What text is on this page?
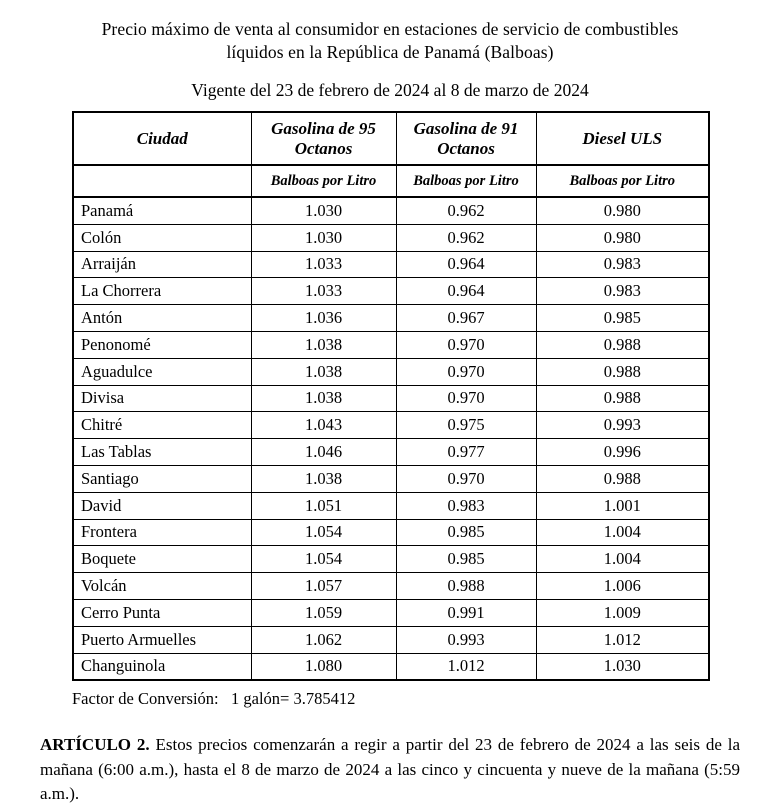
Precio máximo de venta al consumidor en estaciones de servicio de combustibles
líquidos en la República de Panamá (Balboas)
Vigente del 23 de febrero de 2024 al 8 de marzo de 2024
Ciudad	Gasolina de 95 Octanos	Gasolina de 91 Octanos	Diesel ULS
	Balboas por Litro	Balboas por Litro	Balboas por Litro
Panamá	1.030	0.962	0.980
Colón	1.030	0.962	0.980
Arraiján	1.033	0.964	0.983
La Chorrera	1.033	0.964	0.983
Antón	1.036	0.967	0.985
Penonomé	1.038	0.970	0.988
Aguadulce	1.038	0.970	0.988
Divisa	1.038	0.970	0.988
Chitré	1.043	0.975	0.993
Las Tablas	1.046	0.977	0.996
Santiago	1.038	0.970	0.988
David	1.051	0.983	1.001
Frontera	1.054	0.985	1.004
Boquete	1.054	0.985	1.004
Volcán	1.057	0.988	1.006
Cerro Punta	1.059	0.991	1.009
Puerto Armuelles	1.062	0.993	1.012
Changuinola	1.080	1.012	1.030
Factor de Conversión:   1 galón= 3.785412

ARTÍCULO 2. Estos precios comenzarán a regir a partir del 23 de febrero de 2024 a las seis de la mañana (6:00 a.m.), hasta el 8 de marzo de 2024 a las cinco y cincuenta y nueve de la mañana (5:59 a.m.).
